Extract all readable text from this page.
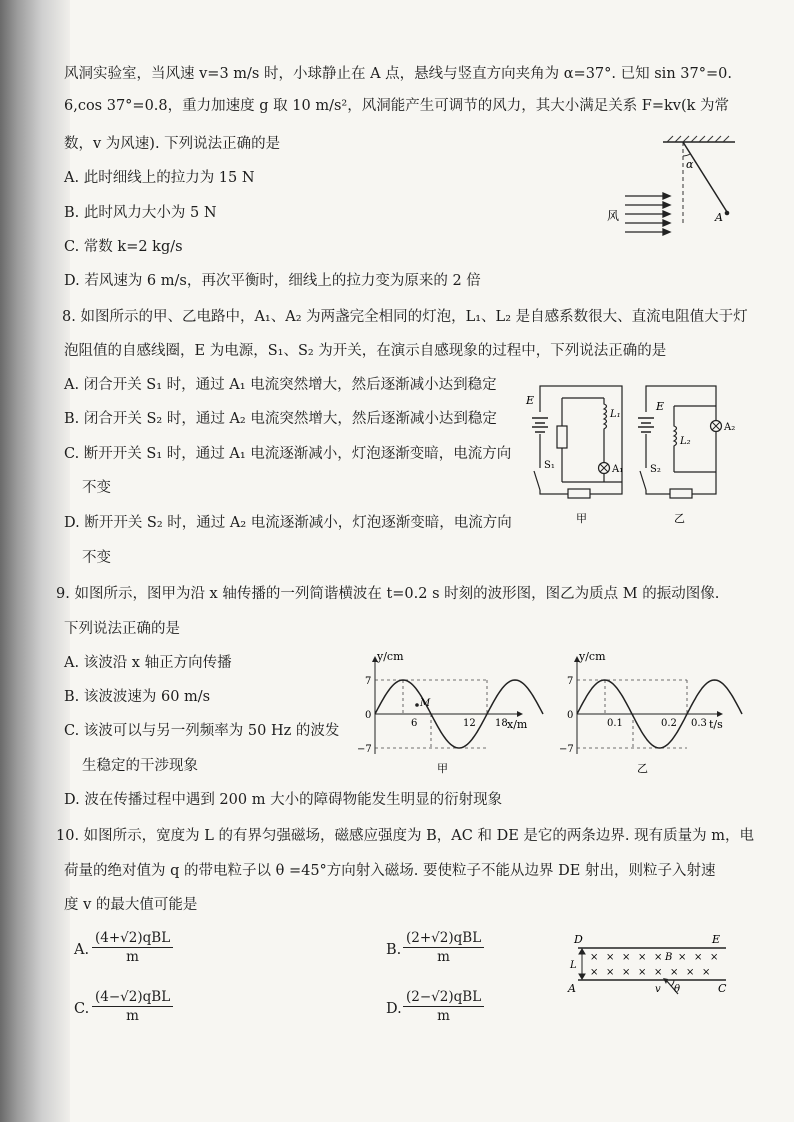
风洞实验室，当风速 v=3 m/s 时，小球静止在 A 点，悬线与竖直方向夹角为 α=37°. 已知 sin 37°=0.
6,cos 37°=0.8，重力加速度 g 取 10 m/s²，风洞能产生可调节的风力，其大小满足关系 F=kv(k 为常
数，v 为风速). 下列说法正确的是
A. 此时细线上的拉力为 15 N
B. 此时风力大小为 5 N
C. 常数 k=2 kg/s
D. 若风速为 6 m/s，再次平衡时，细线上的拉力变为原来的 2 倍
8. 如图所示的甲、乙电路中，A₁、A₂ 为两盏完全相同的灯泡，L₁、L₂ 是自感系数很大、直流电阻值大于灯
泡阻值的自感线圈，E 为电源，S₁、S₂ 为开关，在演示自感现象的过程中，下列说法正确的是
A. 闭合开关 S₁ 时，通过 A₁ 电流突然增大，然后逐渐减小达到稳定
B. 闭合开关 S₂ 时，通过 A₂ 电流突然增大，然后逐渐减小达到稳定
C. 断开开关 S₁ 时，通过 A₁ 电流逐渐减小，灯泡逐渐变暗，电流方向
不变
D. 断开开关 S₂ 时，通过 A₂ 电流逐渐减小，灯泡逐渐变暗，电流方向
不变
9. 如图所示，图甲为沿 x 轴传播的一列简谐横波在 t=0.2 s 时刻的波形图，图乙为质点 M 的振动图像.
下列说法正确的是
A. 该波沿 x 轴正方向传播
B. 该波波速为 60 m/s
C. 该波可以与另一列频率为 50 Hz 的波发
生稳定的干涉现象
D. 波在传播过程中遇到 200 m 大小的障碍物能发生明显的衍射现象
10. 如图所示，宽度为 L 的有界匀强磁场，磁感应强度为 B，AC 和 DE 是它的两条边界. 现有质量为 m，电
荷量的绝对值为 q 的带电粒子以 θ =45°方向射入磁场. 要使粒子不能从边界 DE 射出，则粒子入射速
度 v 的最大值可能是
A.
(4+√2)qBL
m	B.
(2+√2)qBL
m
C.
(4−√2)qBL
m	D.
(2−√2)qBL
m
α
A
风
E
L₁
A₁
S₁
甲
E
L₂
A₂
S₂
乙
y/cm
x/m
7
0
−7
6	12 18
M
甲
y/cm
t/s
7
0
−7
0.1	0.2 0.3
乙
D	E
A	C
L
× × × × × × × ×
× × × × × × × ×
B
v θ
